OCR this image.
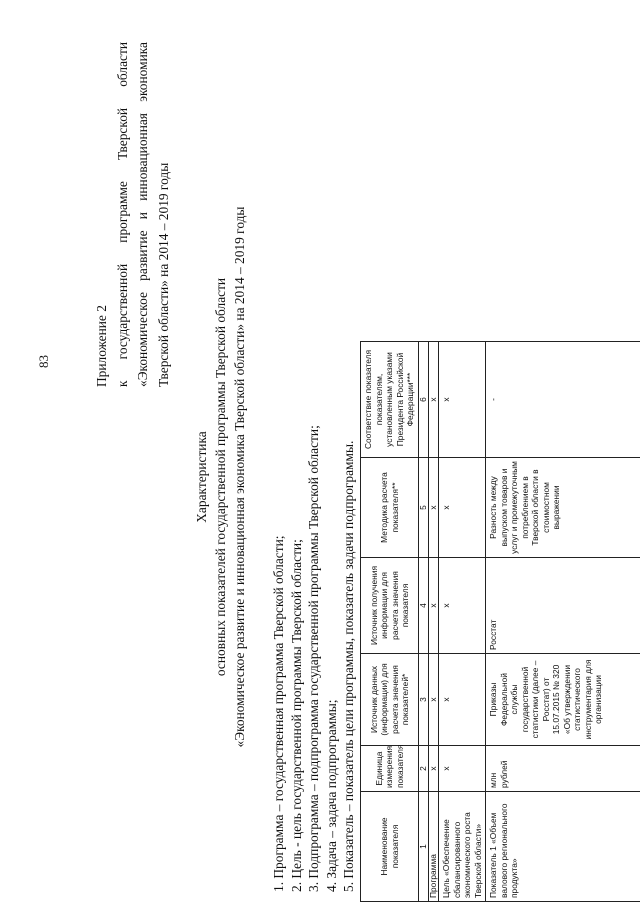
83	Приложение 2 к государственной программе Тверской области «Экономическое развитие и инновационная экономика Тверской области» на 2014 – 2019 годы
Характеристика основных показателей государственной программы Тверской области «Экономическое развитие и инновационная экономика Тверской области» на 2014 – 2019 годы 1. Программа – государственная программа Тверской области; 2. Цель - цель государственной программы Тверской области; 3. Подпрограмма – подпрограмма государственной программы Тверской области; 4. Задача – задача подпрограммы; 5. Показатель – показатель цели программы, показатель задачи подпрограммы.	Наименование показателя	Единица измерения показателя	Источник данных (информации) для расчета значения показателей*	Источник получения информации для расчета значения показателя	Методика расчета показателя**	Соответствие показателя показателям, установленным указами Президента Российской Федерации***
1	2	3	4	5	6
Программа	х	х	х	х	х
Цель «Обеспечение сбалансированного экономического роста Тверской области»	х	х	х	х	х
Показатель 1 «Объем валового регионального продукта»	млн рублей	Приказы Федеральной службы государственной статистики (далее – Росстат) от 15.07.2015 № 320 «Об утверждении статистического инструментария для организации	Росстат	Разность между выпуском товаров и услуг и промежуточным потреблением в Тверской области в стоимостном выражении	-
